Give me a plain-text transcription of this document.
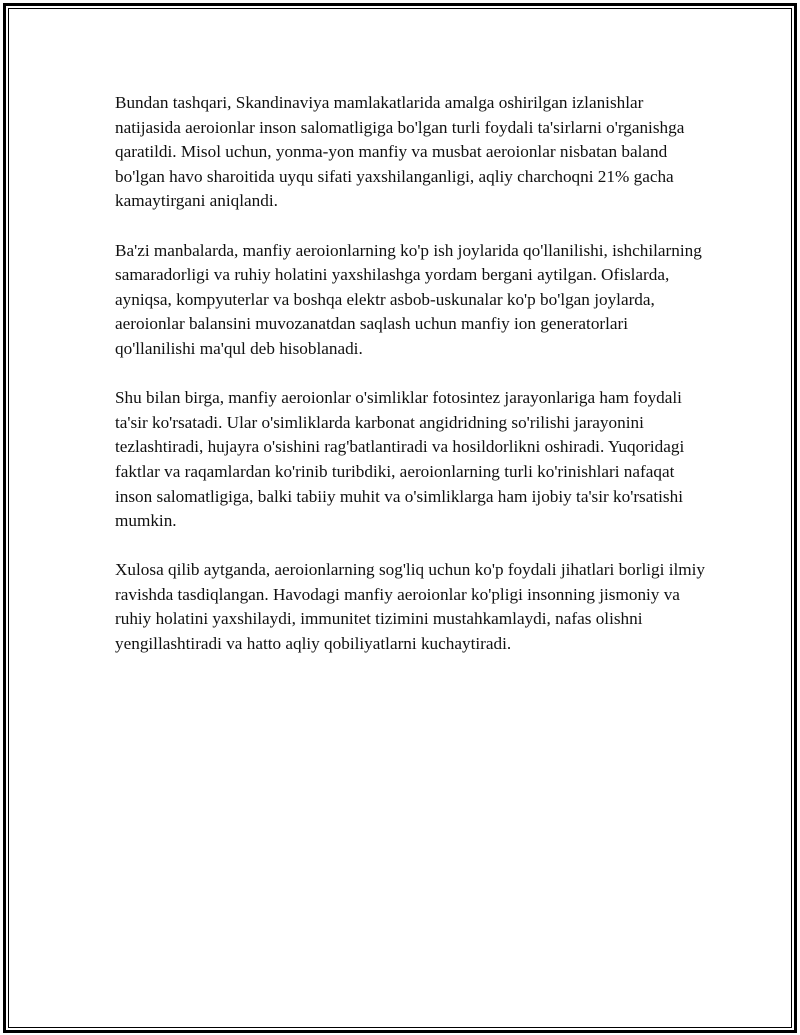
Bundan tashqari, Skandinaviya mamlakatlarida amalga oshirilgan izlanishlar natijasida aeroionlar inson salomatligiga bo'lgan turli foydali ta'sirlarni o'rganishga qaratildi. Misol uchun, yonma-yon manfiy va musbat aeroionlar nisbatan baland bo'lgan havo sharoitida uyqu sifati yaxshilanganligi, aqliy charchoqni 21% gacha kamaytirgani aniqlandi.

Ba'zi manbalarda, manfiy aeroionlarning ko'p ish joylarida qo'llanilishi, ishchilarning samaradorligi va ruhiy holatini yaxshilashga yordam bergani aytilgan. Ofislarda, ayniqsa, kompyuterlar va boshqa elektr asbob-uskunalar ko'p bo'lgan joylarda, aeroionlar balansini muvozanatdan saqlash uchun manfiy ion generatorlari qo'llanilishi ma'qul deb hisoblanadi.

Shu bilan birga, manfiy aeroionlar o'simliklar fotosintez jarayonlariga ham foydali ta'sir ko'rsatadi. Ular o'simliklarda karbonat angidridning so'rilishi jarayonini tezlashtiradi, hujayra o'sishini rag'batlantiradi va hosildorlikni oshiradi. Yuqoridagi faktlar va raqamlardan ko'rinib turibdiki, aeroionlarning turli ko'rinishlari nafaqat inson salomatligiga, balki tabiiy muhit va o'simliklarga ham ijobiy ta'sir ko'rsatishi mumkin.

Xulosa qilib aytganda, aeroionlarning sog'liq uchun ko'p foydali jihatlari borligi ilmiy ravishda tasdiqlangan. Havodagi manfiy aeroionlar ko'pligi insonning jismoniy va ruhiy holatini yaxshilaydi, immunitet tizimini mustahkamlaydi, nafas olishni yengillashtiradi va hatto aqliy qobiliyatlarni kuchaytiradi.
